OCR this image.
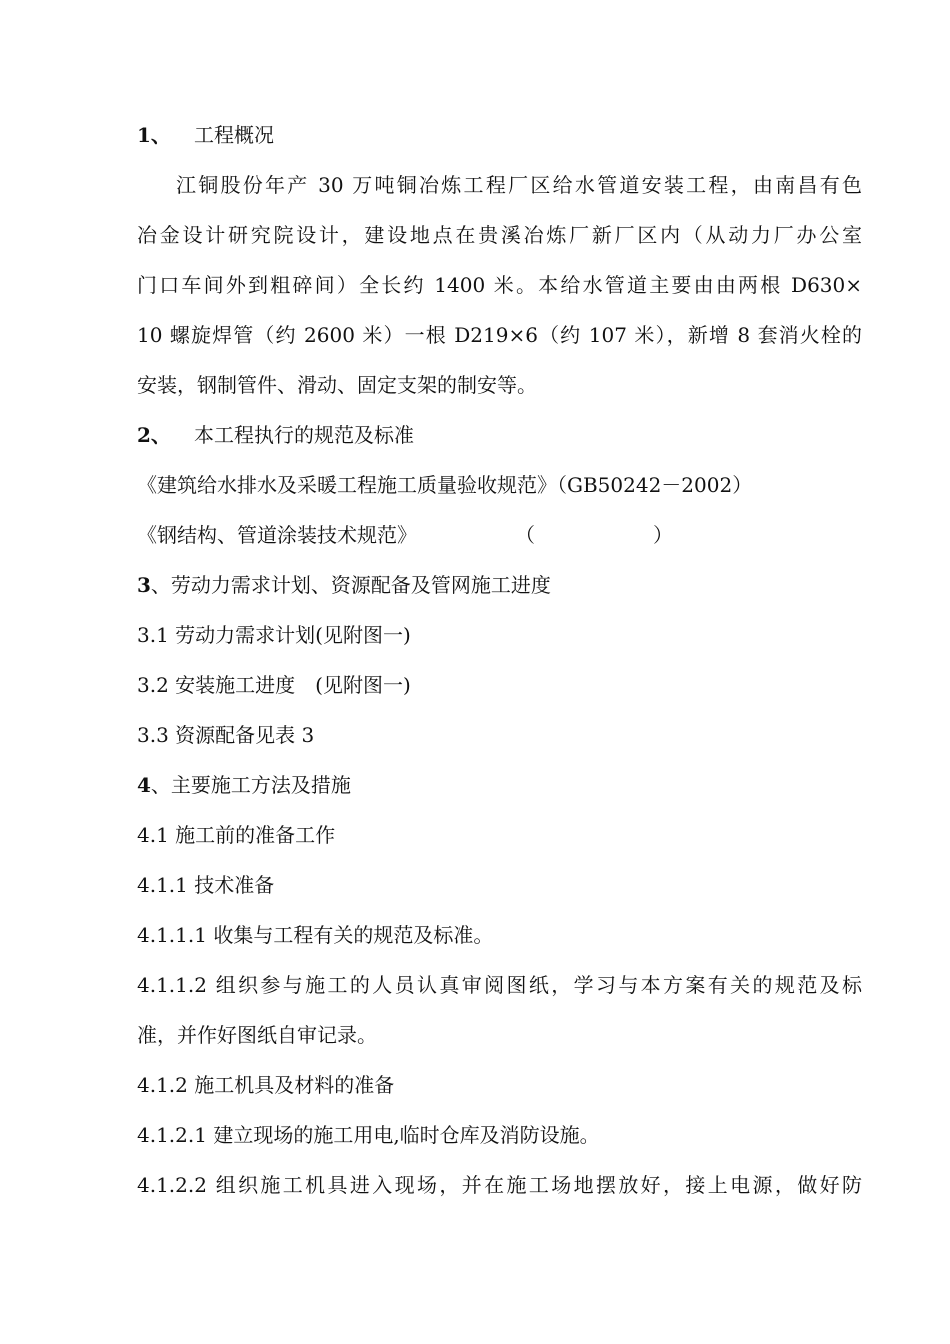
1、 工程概况
江铜股份年产 30 万吨铜冶炼工程厂区给水管道安装工程，由南昌有色
冶金设计研究院设计，建设地点在贵溪冶炼厂新厂区内（从动力厂办公室
门口车间外到粗碎间）全长约 1400 米。本给水管道主要由由两根 D630×
10 螺旋焊管（约 2600 米）一根 D219×6（约 107 米），新增 8 套消火栓的
安装，钢制管件、滑动、固定支架的制安等。
2、 本工程执行的规范及标准
《建筑给水排水及采暖工程施工质量验收规范》（GB50242－2002）
《钢结构、管道涂装技术规范》	（	）
3、劳动力需求计划、资源配备及管网施工进度
3.1 劳动力需求计划(见附图一)
3.2 安装施工进度　(见附图一)
3.3 资源配备见表 3
4、主要施工方法及措施
4.1 施工前的准备工作
4.1.1 技术准备
4.1.1.1 收集与工程有关的规范及标准。
4.1.1.2 组织参与施工的人员认真审阅图纸，学习与本方案有关的规范及标
准，并作好图纸自审记录。
4.1.2 施工机具及材料的准备
4.1.2.1 建立现场的施工用电,临时仓库及消防设施。
4.1.2.2 组织施工机具进入现场，并在施工场地摆放好，接上电源，做好防
